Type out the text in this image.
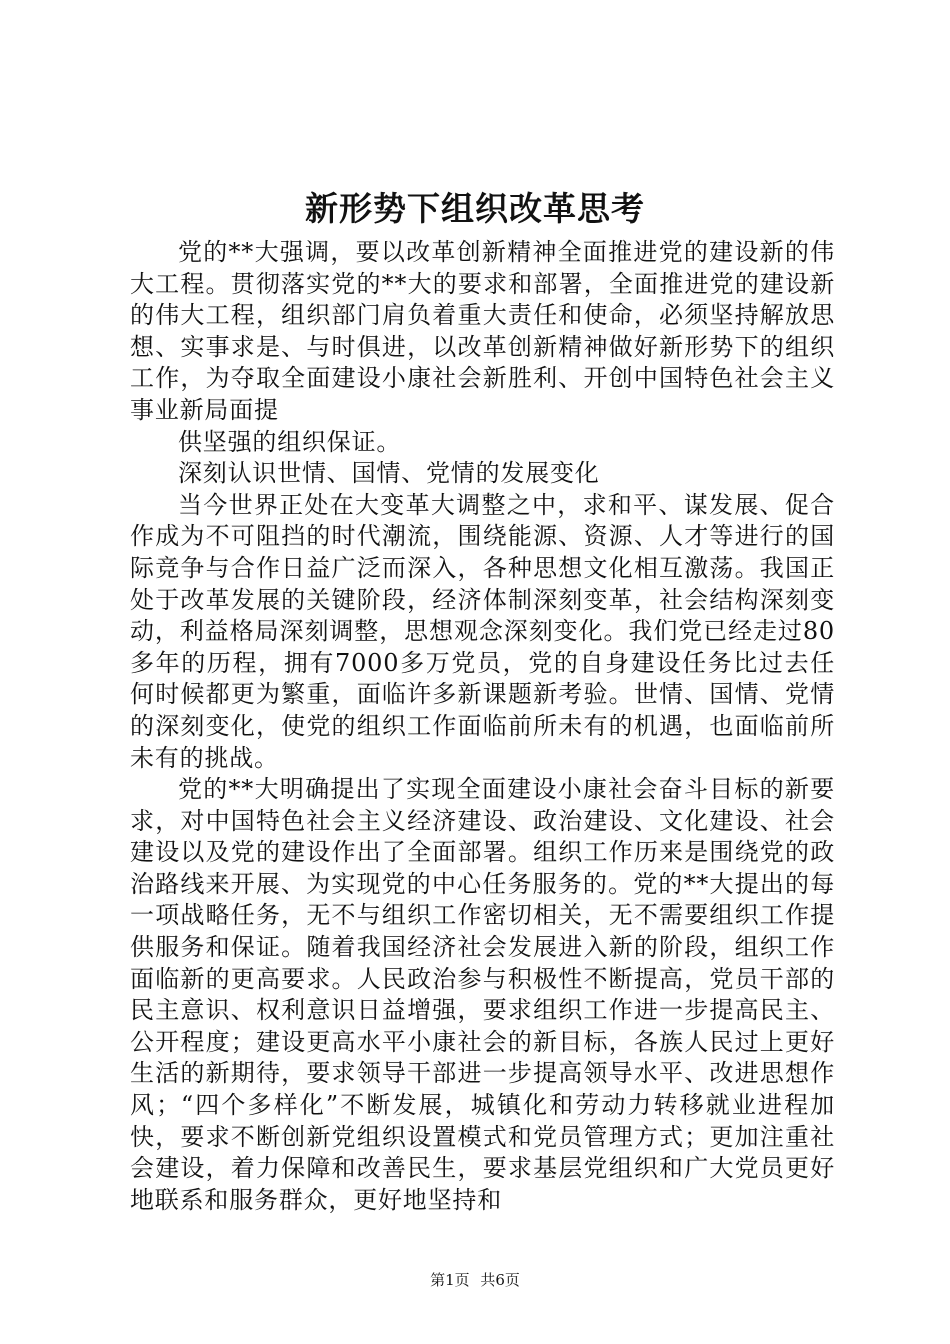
新形势下组织改革思考

党的**大强调，要以改革创新精神全面推进党的建设新的伟大工程。贯彻落实党的**大的要求和部署，全面推进党的建设新的伟大工程，组织部门肩负着重大责任和使命，必须坚持解放思想、实事求是、与时俱进，以改革创新精神做好新形势下的组织工作，为夺取全面建设小康社会新胜利、开创中国特色社会主义事业新局面提

供坚强的组织保证。

深刻认识世情、国情、党情的发展变化

当今世界正处在大变革大调整之中，求和平、谋发展、促合作成为不可阻挡的时代潮流，围绕能源、资源、人才等进行的国际竞争与合作日益广泛而深入，各种思想文化相互激荡。我国正处于改革发展的关键阶段，经济体制深刻变革，社会结构深刻变动，利益格局深刻调整，思想观念深刻变化。我们党已经走过80多年的历程，拥有7000多万党员，党的自身建设任务比过去任何时候都更为繁重，面临许多新课题新考验。世情、国情、党情的深刻变化，使党的组织工作面临前所未有的机遇，也面临前所未有的挑战。

党的**大明确提出了实现全面建设小康社会奋斗目标的新要求，对中国特色社会主义经济建设、政治建设、文化建设、社会建设以及党的建设作出了全面部署。组织工作历来是围绕党的政治路线来开展、为实现党的中心任务服务的。党的**大提出的每一项战略任务，无不与组织工作密切相关，无不需要组织工作提供服务和保证。随着我国经济社会发展进入新的阶段，组织工作面临新的更高要求。人民政治参与积极性不断提高，党员干部的民主意识、权利意识日益增强，要求组织工作进一步提高民主、公开程度；建设更高水平小康社会的新目标，各族人民过上更好生活的新期待，要求领导干部进一步提高领导水平、改进思想作风；“四个多样化”不断发展，城镇化和劳动力转移就业进程加快，要求不断创新党组织设置模式和党员管理方式；更加注重社会建设，着力保障和改善民生，要求基层党组织和广大党员更好地联系和服务群众，更好地坚持和

第1页 共6页
